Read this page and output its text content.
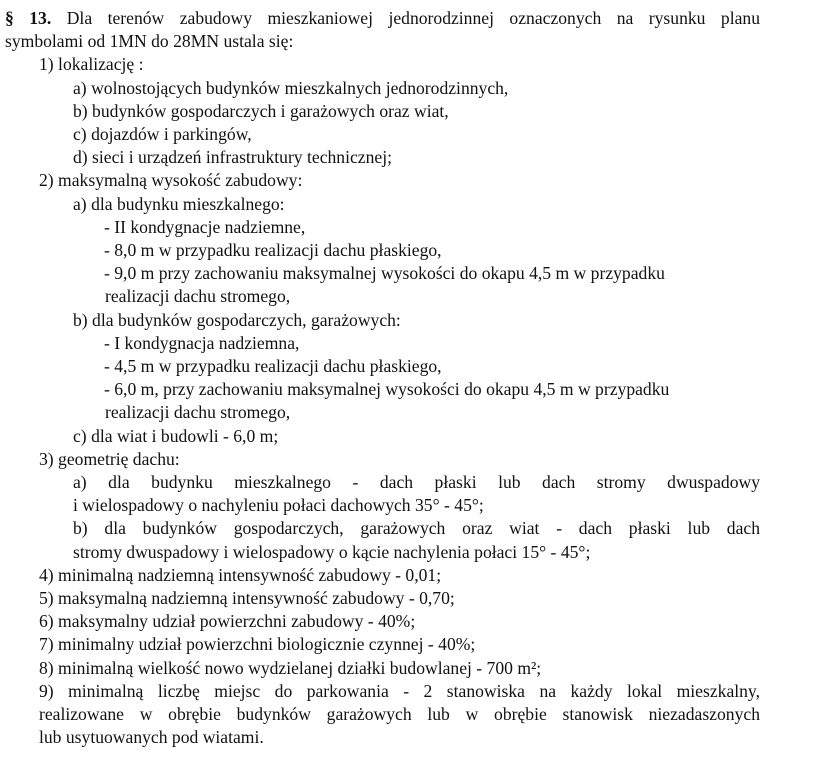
§ 13. Dla terenów zabudowy mieszkaniowej jednorodzinnej oznaczonych na rysunku planu
symbolami od 1MN do 28MN ustala się:
1) lokalizację :
a) wolnostojących budynków mieszkalnych jednorodzinnych,
b) budynków gospodarczych i garażowych oraz wiat,
c) dojazdów i parkingów,
d) sieci i urządzeń infrastruktury technicznej;
2) maksymalną wysokość zabudowy:
a) dla budynku mieszkalnego:
- II kondygnacje nadziemne,
- 8,0 m w przypadku realizacji dachu płaskiego,
- 9,0 m przy zachowaniu maksymalnej wysokości do okapu 4,5 m w przypadku
realizacji dachu stromego,
b) dla budynków gospodarczych, garażowych:
- I kondygnacja nadziemna,
- 4,5 m w przypadku realizacji dachu płaskiego,
- 6,0 m, przy zachowaniu maksymalnej wysokości do okapu 4,5 m w przypadku
realizacji dachu stromego,
c) dla wiat i budowli - 6,0 m;
3) geometrię dachu:
a) dla budynku mieszkalnego - dach płaski lub dach stromy dwuspadowy
i wielospadowy o nachyleniu połaci dachowych 35° - 45°;
b) dla budynków gospodarczych, garażowych oraz wiat - dach płaski lub dach
stromy dwuspadowy i wielospadowy o kącie nachylenia połaci 15° - 45°;
4) minimalną nadziemną intensywność zabudowy - 0,01;
5) maksymalną nadziemną intensywność zabudowy - 0,70;
6) maksymalny udział powierzchni zabudowy - 40%;
7) minimalny udział powierzchni biologicznie czynnej - 40%;
8) minimalną wielkość nowo wydzielanej działki budowlanej - 700 m²;
9) minimalną liczbę miejsc do parkowania - 2 stanowiska na każdy lokal mieszkalny,
realizowane w obrębie budynków garażowych lub w obrębie stanowisk niezadaszonych
lub usytuowanych pod wiatami.
